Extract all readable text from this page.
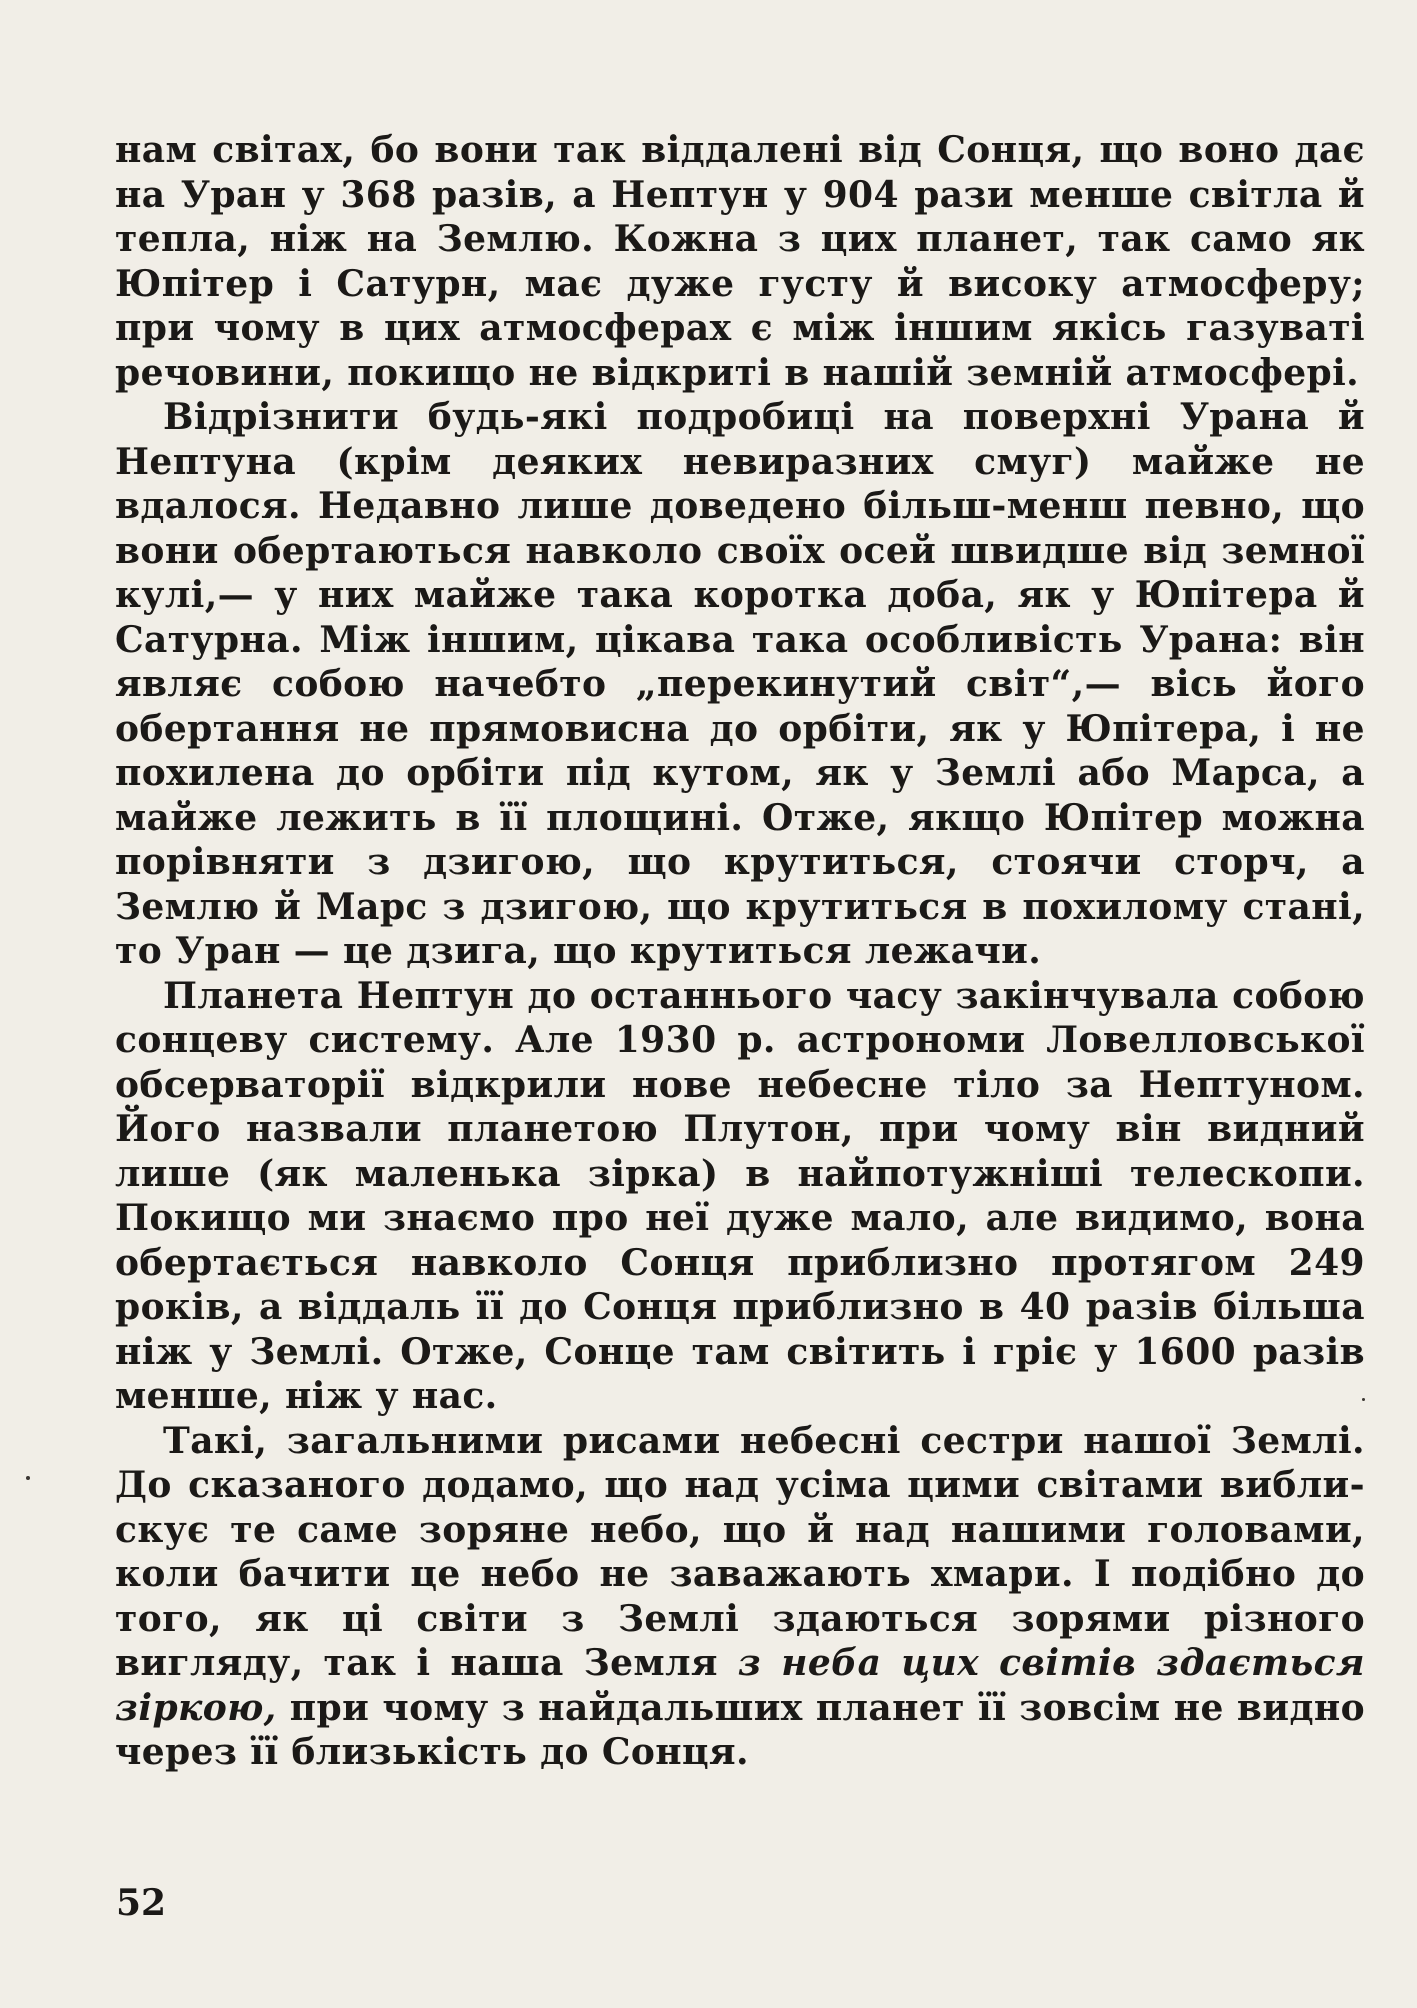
нам світах, бо вони так віддалені від Сонця, що воно дає на Уран у 368 разів, а Нептун у 904 рази менше світла й тепла, ніж на Землю. Кожна з цих планет, так само як Юпітер і Сатурн, має дуже густу й високу атмосферу; при чому в цих атмосферах є між іншим якісь газуваті речовини, покищо не відкриті в нашій земній атмосфері.

Відрізнити будь-які подробиці на поверхні Урана й Нептуна (крім деяких невиразних смуг) майже не вдалося. Недавно лише доведено більш-менш певно, що вони обертаються навколо своїх осей швидше від земної кулі,— у них майже така коротка доба, як у Юпітера й Сатурна. Між іншим, цікава така особливість Урана: він являє собою начебто „перекинутий світ“,— вісь його обертання не прямовисна до орбіти, як у Юпітера, і не похилена до орбіти під кутом, як у Землі або Марса, а майже лежить в її площині. Отже, якщо Юпітер можна порівняти з дзигою, що крутиться, стоячи сторч, а Землю й Марс з дзигою, що крутиться в похилому стані, то Уран — це дзига, що крутиться лежачи.

Планета Нептун до останнього часу закінчувала собою сонцеву систему. Але 1930 р. астрономи Ловелловської обсерваторії відкрили нове небесне тіло за Нептуном. Його назвали планетою Плутон, при чому він видний лише (як маленька зірка) в найпотужніші телескопи. Покищо ми знаємо про неї дуже мало, але видимо, вона обертається навколо Сонця приблизно протягом 249 років, а віддаль її до Сонця приблизно в 40 разів більша ніж у Землі. Отже, Сонце там світить і гріє у 1600 разів менше, ніж у нас.

Такі, загальними рисами небесні сестри нашої Землі. До сказаного додамо, що над усіма цими світами вибли-скує те саме зоряне небо, що й над нашими головами, коли бачити це небо не заважають хмари. І подібно до того, як ці світи з Землі здаються зорями різного вигляду, так і наша Земля з неба цих світів здається зіркою, при чому з найдальших планет її зовсім не видно через її близькість до Сонця.

52
